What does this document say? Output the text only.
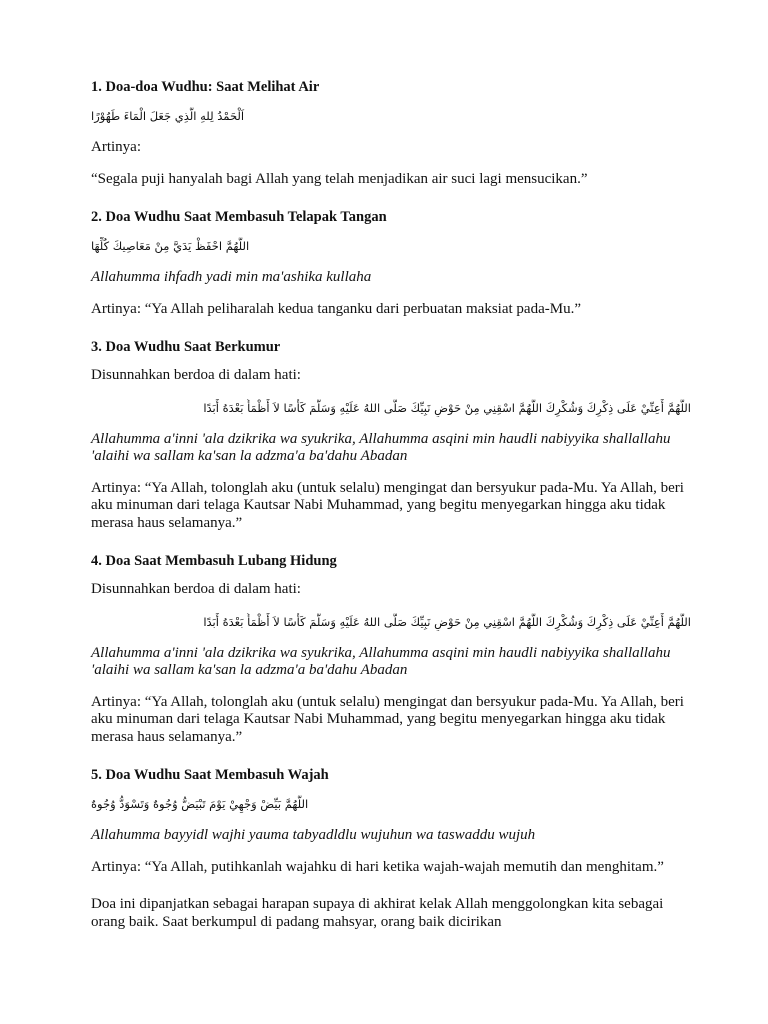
1. Doa-doa Wudhu: Saat Melihat Air
اَلْحَمْدُ لِلهِ الَّذِي جَعَلَ الْمَاءَ طَهُوْرًا

Artinya:

“Segala puji hanyalah bagi Allah yang telah menjadikan air suci lagi mensucikan.”

2. Doa Wudhu Saat Membasuh Telapak Tangan
اللَّهُمَّ احْفَظْ يَدَيَّ مِنْ مَعَاصِيكَ كُلِّهَا

Allahumma ihfadh yadi min ma'ashika kullaha

Artinya: “Ya Allah peliharalah kedua tanganku dari perbuatan maksiat pada-Mu.”

3. Doa Wudhu Saat Berkumur

Disunnahkan berdoa di dalam hati:

اللَّهُمَّ أَعِنِّيْ عَلَى ذِكْرِكَ وَشُكْرِكَ اللَّهُمَّ اسْقِنِي مِنْ حَوْضِ نَبِيِّكَ صَلَّى اللهُ عَلَيْهِ وَسَلَّمَ كَأْسًا لاَ أَظْمَأُ بَعْدَهُ أَبَدًا

Allahumma a'inni 'ala dzikrika wa syukrika, Allahumma asqini min haudli nabiyyika shallallahu 'alaihi wa sallam ka'san la adzma'a ba'dahu Abadan

Artinya: “Ya Allah, tolonglah aku (untuk selalu) mengingat dan bersyukur pada-Mu. Ya Allah, beri aku minuman dari telaga Kautsar Nabi Muhammad, yang begitu menyegarkan hingga aku tidak merasa haus selamanya.”

4. Doa Saat Membasuh Lubang Hidung

Disunnahkan berdoa di dalam hati:

اللَّهُمَّ أَعِنِّيْ عَلَى ذِكْرِكَ وَشُكْرِكَ اللَّهُمَّ اسْقِنِي مِنْ حَوْضِ نَبِيِّكَ صَلَّى اللهُ عَلَيْهِ وَسَلَّمَ كَأْسًا لاَ أَظْمَأُ بَعْدَهُ أَبَدًا

Allahumma a'inni 'ala dzikrika wa syukrika, Allahumma asqini min haudli nabiyyika shallallahu 'alaihi wa sallam ka'san la adzma'a ba'dahu Abadan

Artinya: “Ya Allah, tolonglah aku (untuk selalu) mengingat dan bersyukur pada-Mu. Ya Allah, beri aku minuman dari telaga Kautsar Nabi Muhammad, yang begitu menyegarkan hingga aku tidak merasa haus selamanya.”

5. Doa Wudhu Saat Membasuh Wajah
اللَّهُمَّ بَيِّضْ وَجْهِيْ يَوْمَ تَبْيَضُّ وُجُوهٌ وَتَسْوَدُّ وُجُوهٌ

Allahumma bayyidl wajhi yauma tabyadldlu wujuhun wa taswaddu wujuh

Artinya: “Ya Allah, putihkanlah wajahku di hari ketika wajah-wajah memutih dan menghitam.”

Doa ini dipanjatkan sebagai harapan supaya di akhirat kelak Allah menggolongkan kita sebagai orang baik. Saat berkumpul di padang mahsyar, orang baik dicirikan
